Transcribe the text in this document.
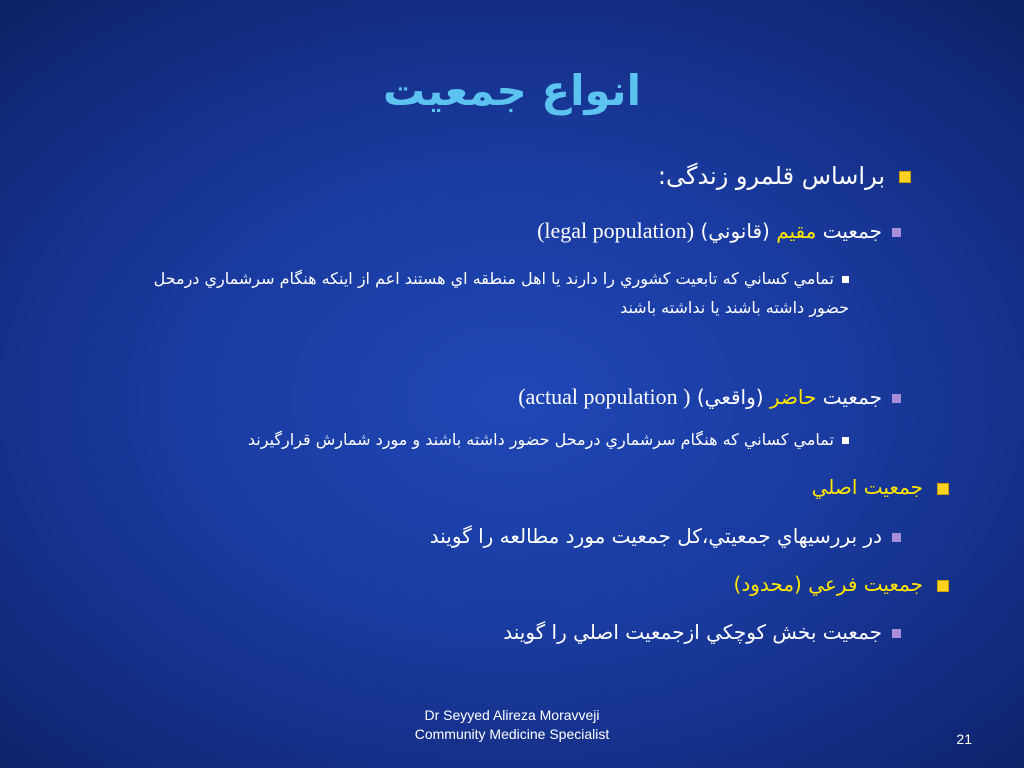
انواع جمعيت
براساس قلمرو زندگی:
جمعيت مقيم (قانوني) (legal population)
تمامي كساني كه تابعيت كشوري را دارند يا اهل منطقه اي هستند اعم از اينكه هنگام سرشماري درمحل حضور داشته باشند يا نداشته باشند
جمعيت حاضر (واقعي) (actual population )
تمامي كساني كه هنگام سرشماري درمحل حضور داشته باشند و مورد شمارش قرارگيرند
جمعيت اصلي
در بررسيهاي جمعيتي،كل جمعيت مورد مطالعه را گويند
جمعيت فرعي (محدود)
جمعيت بخش كوچكي ازجمعيت اصلي را گويند
Dr Seyyed Alireza Moravveji
Community Medicine Specialist	21
